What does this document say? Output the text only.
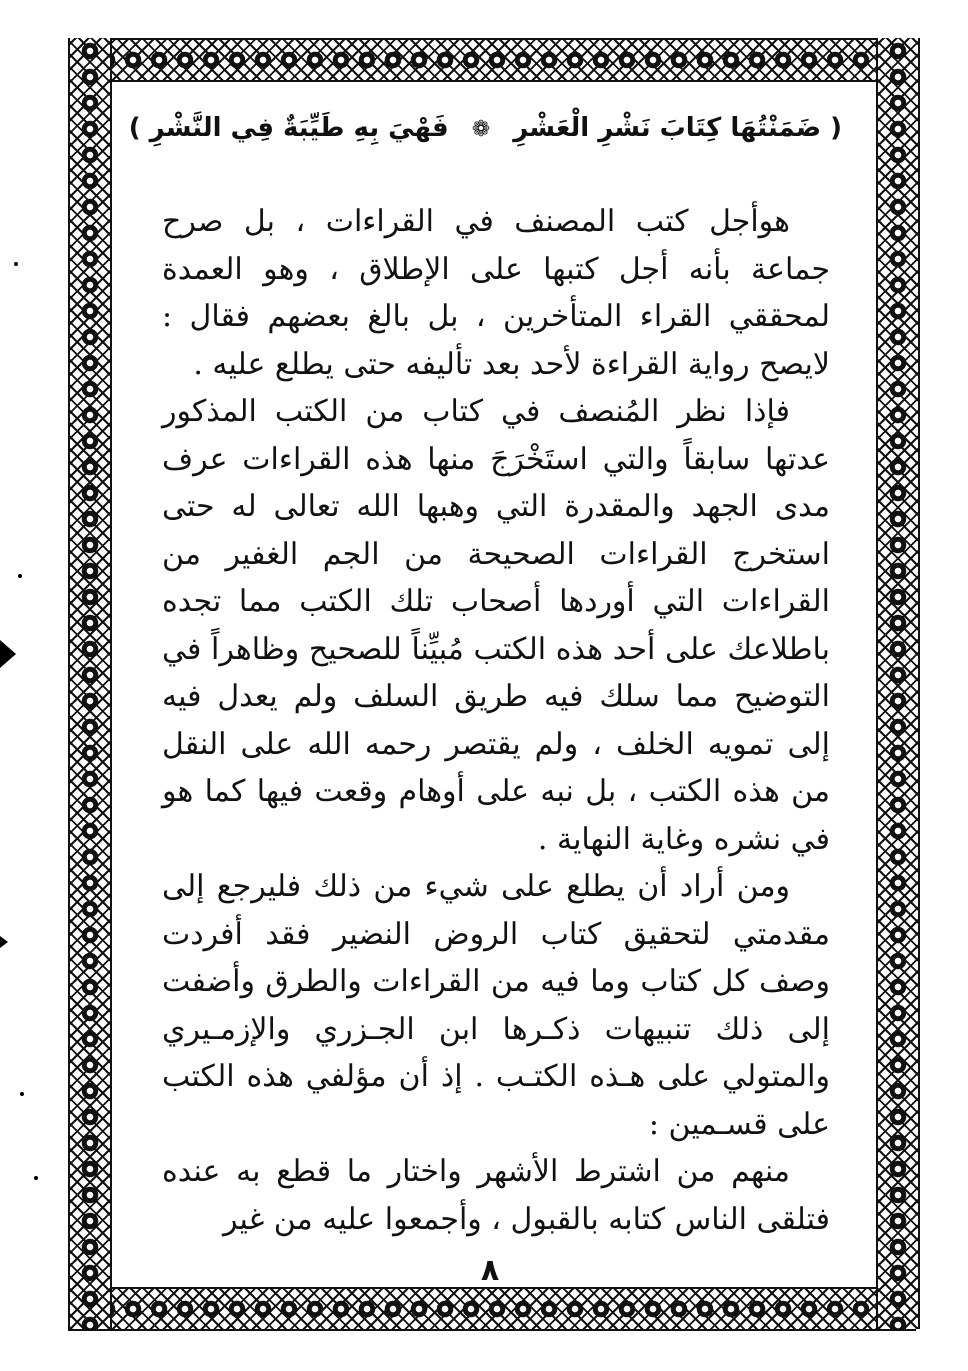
( ضَمَنْتُهَا كِتَابَ نَشْرِ الْعَشْرِ ❁ فَهْيَ بِهِ طَيِّبَةٌ فِي النَّشْرِ )

هوأجل كتب المصنف في القراءات ، بل صرح جماعة بأنه أجل كتبها على الإطلاق ، وهو العمدة لمحققي القراء المتأخرين ، بل بالغ بعضهم فقال : لايصح رواية القراءة لأحد بعد تأليفه حتى يطلع عليه .

فإذا نظر المُنصف في كتاب من الكتب المذكور عدتها سابقاً والتي استَخْرَجَ منها هذه القراءات عرف مدى الجهد والمقدرة التي وهبها الله تعالى له حتى استخرج القراءات الصحيحة من الجم الغفير من القراءات التي أوردها أصحاب تلك الكتب مما تجده باطلاعك على أحد هذه الكتب مُبيِّناً للصحيح وظاهراً في التوضيح مما سلك فيه طريق السلف ولم يعدل فيه إلى تمويه الخلف ، ولم يقتصر رحمه الله على النقل من هذه الكتب ، بل نبه على أوهام وقعت فيها كما هو في نشره وغاية النهاية .

ومن أراد أن يطلع على شيء من ذلك فليرجع إلى مقدمتي لتحقيق كتاب الروض النضير فقد أفردت وصف كل كتاب وما فيه من القراءات والطرق وأضفت إلى ذلك تنبيهات ذكـرها ابن الجـزري والإزمـيري والمتولي على هـذه الكتـب . إذ أن مؤلفي هذه الكتب على قسـمين :

منهم من اشترط الأشهر واختار ما قطع به عنده فتلقى الناس كتابه بالقبول ، وأجمعوا عليه من غير

٨
